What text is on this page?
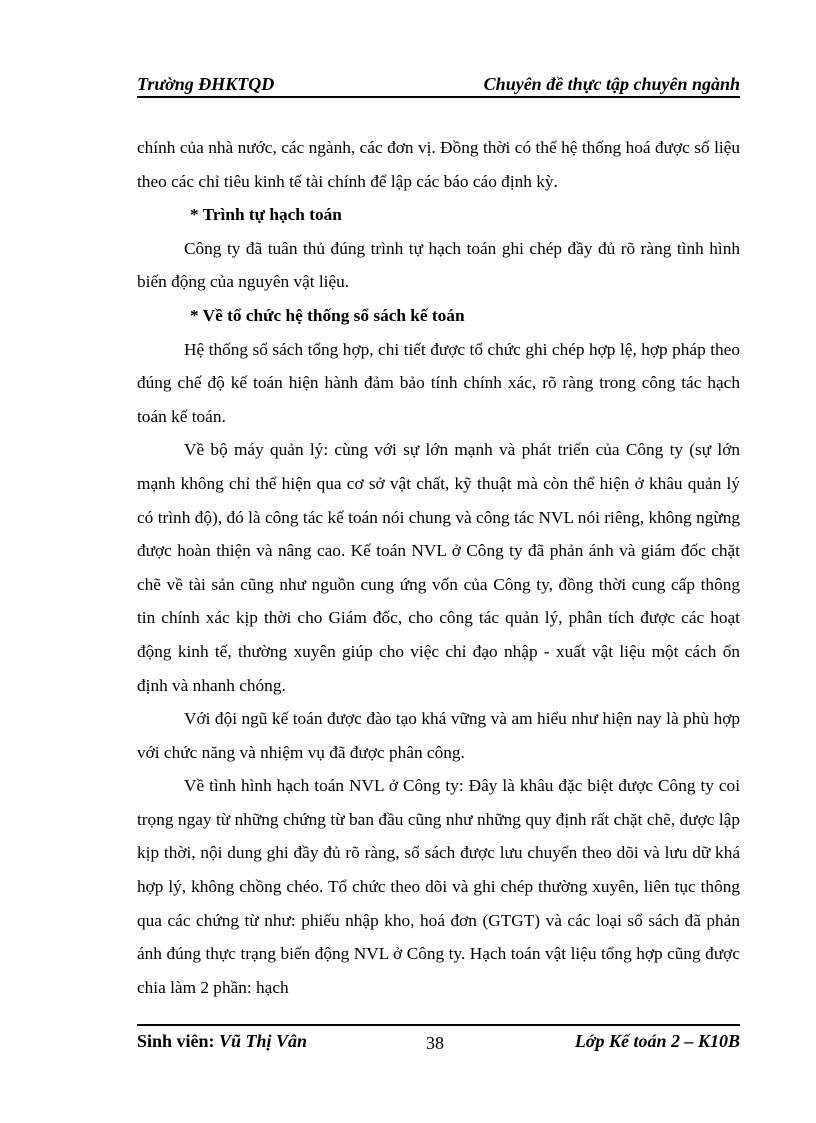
Trường ĐHKTQD	Chuyên đề thực tập chuyên ngành

chính của nhà nước, các ngành, các đơn vị. Đồng thời có thể hệ thống hoá được số liệu theo các chỉ tiêu kinh tế tài chính để lập các báo cáo định kỳ.

* Trình tự hạch toán

Công ty đã tuân thủ đúng trình tự hạch toán ghi chép đầy đủ rõ ràng tình hình biến động của nguyên vật liệu.

* Về tổ chức hệ thống sổ sách kế toán

Hệ thống sổ sách tổng hợp, chi tiết được tổ chức ghi chép hợp lệ, hợp pháp theo đúng chế độ kế toán hiện hành đảm bảo tính chính xác, rõ ràng trong công tác hạch toán kế toán.

Về bộ máy quản lý: cùng với sự lớn mạnh và phát triển của Công ty (sự lớn mạnh không chỉ thể hiện qua cơ sở vật chất, kỹ thuật mà còn thể hiện ở khâu quản lý có trình độ), đó là công tác kế toán nói chung và công tác NVL nói riêng, không ngừng được hoàn thiện và nâng cao. Kế toán NVL ở Công ty đã phản ánh và giám đốc chặt chẽ về tài sản cũng như nguồn cung ứng vốn của Công ty, đồng thời cung cấp thông tin chính xác kịp thời cho Giám đốc, cho công tác quản lý, phân tích được các hoạt động kinh tế, thường xuyên giúp cho việc chỉ đạo nhập - xuất vật liệu một cách ổn định và nhanh chóng.

Với đội ngũ kế toán được đào tạo khá vững và am hiểu như hiện nay là phù hợp với chức năng và nhiệm vụ đã được phân công.

Về tình hình hạch toán NVL ở Công ty: Đây là khâu đặc biệt được Công ty coi trọng ngay từ những chứng từ ban đầu cũng như những quy định rất chặt chẽ, được lập kịp thời, nội dung ghi đầy đủ rõ ràng, sổ sách được lưu chuyển theo dõi và lưu dữ khá hợp lý, không chồng chéo. Tổ chức theo dõi và ghi chép thường xuyên, liên tục thông qua các chứng từ như: phiếu nhập kho, hoá đơn (GTGT) và các loại sổ sách đã phản ánh đúng thực trạng biến động NVL ở Công ty. Hạch toán vật liệu tổng hợp cũng được chia làm 2 phần: hạch

Sinh viên: Vũ Thị Vân	38	Lớp Kế toán 2 – K10B
